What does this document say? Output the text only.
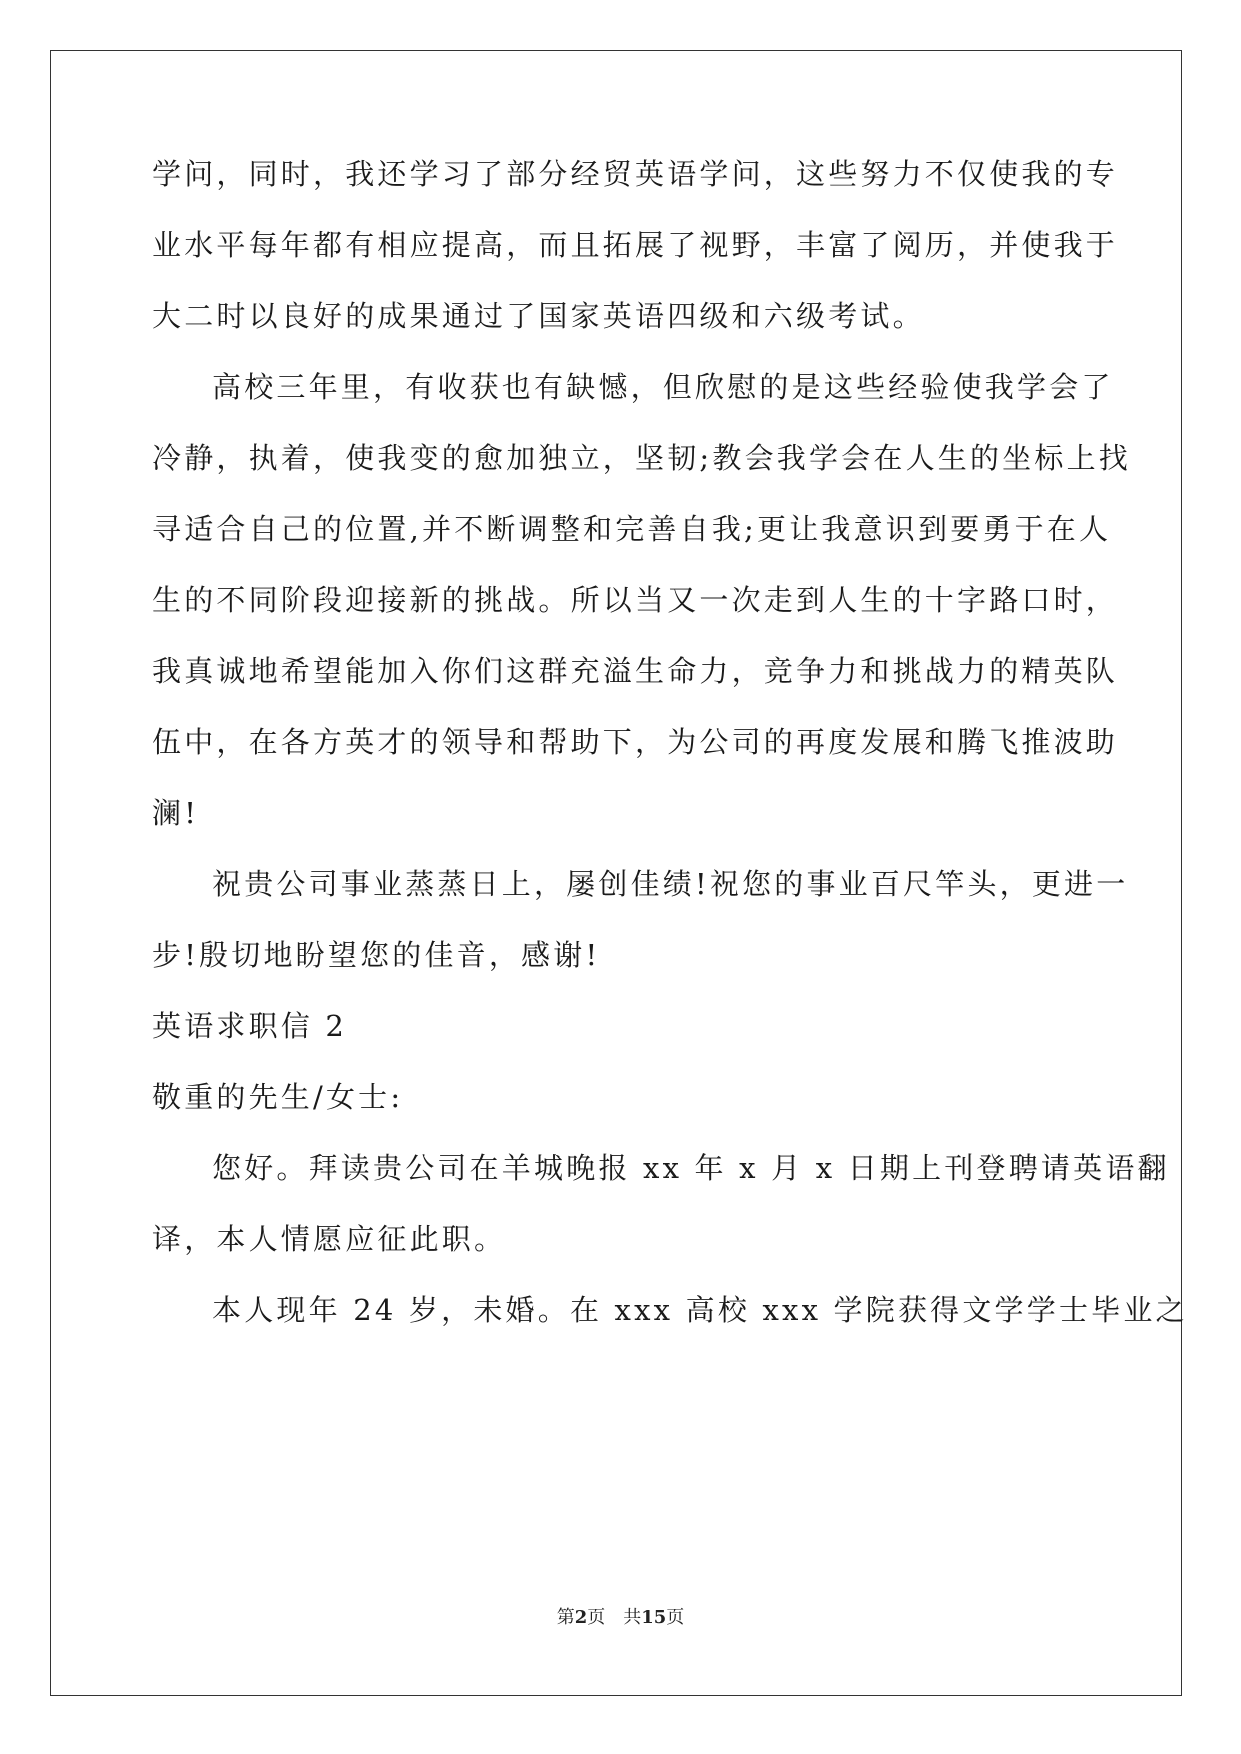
学问，同时，我还学习了部分经贸英语学问，这些努力不仅使我的专
业水平每年都有相应提高，而且拓展了视野，丰富了阅历，并使我于
大二时以良好的成果通过了国家英语四级和六级考试。
高校三年里，有收获也有缺憾，但欣慰的是这些经验使我学会了
冷静，执着，使我变的愈加独立，坚韧;教会我学会在人生的坐标上找
寻适合自己的位置,并不断调整和完善自我;更让我意识到要勇于在人
生的不同阶段迎接新的挑战。所以当又一次走到人生的十字路口时，
我真诚地希望能加入你们这群充溢生命力，竞争力和挑战力的精英队
伍中，在各方英才的领导和帮助下，为公司的再度发展和腾飞推波助
澜!
祝贵公司事业蒸蒸日上，屡创佳绩!祝您的事业百尺竿头，更进一
步!殷切地盼望您的佳音，感谢!
英语求职信 2
敬重的先生/女士:
您好。拜读贵公司在羊城晚报 xx 年 x 月 x 日期上刊登聘请英语翻
译，本人情愿应征此职。
本人现年 24 岁，未婚。在 xxx 高校 xxx 学院获得文学学士毕业之
第2页 共15页
